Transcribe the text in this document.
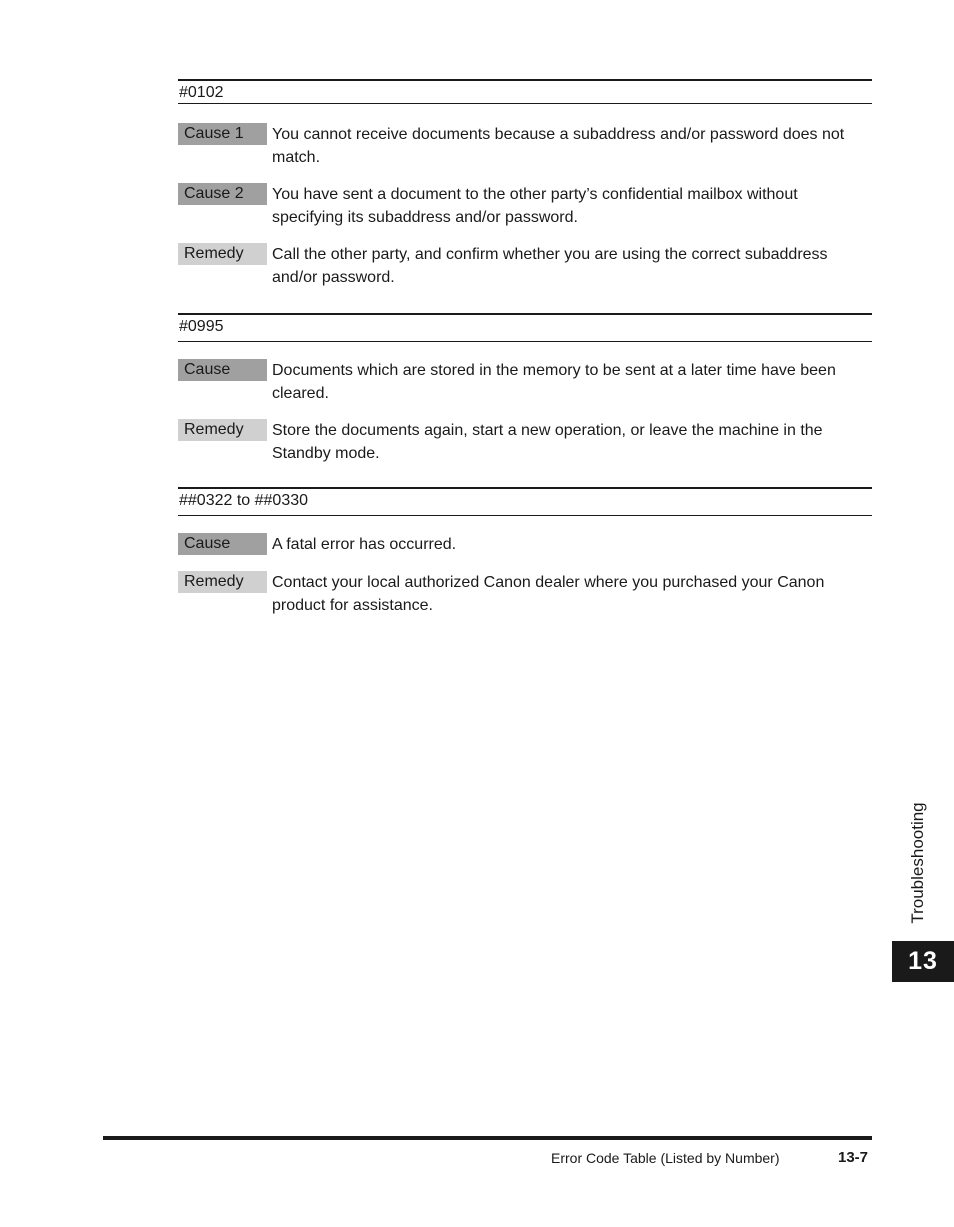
#0102
Cause 1	You cannot receive documents because a subaddress and/or password does not match.
Cause 2	You have sent a document to the other party’s confidential mailbox without specifying its subaddress and/or password.
Remedy	Call the other party, and confirm whether you are using the correct subaddress and/or password.
#0995
Cause	Documents which are stored in the memory to be sent at a later time have been cleared.
Remedy	Store the documents again, start a new operation, or leave the machine in the Standby mode.
##0322 to ##0330
Cause	A fatal error has occurred.
Remedy	Contact your local authorized Canon dealer where you purchased your Canon product for assistance.
Troubleshooting
13
Error Code Table (Listed by Number)	13-7
